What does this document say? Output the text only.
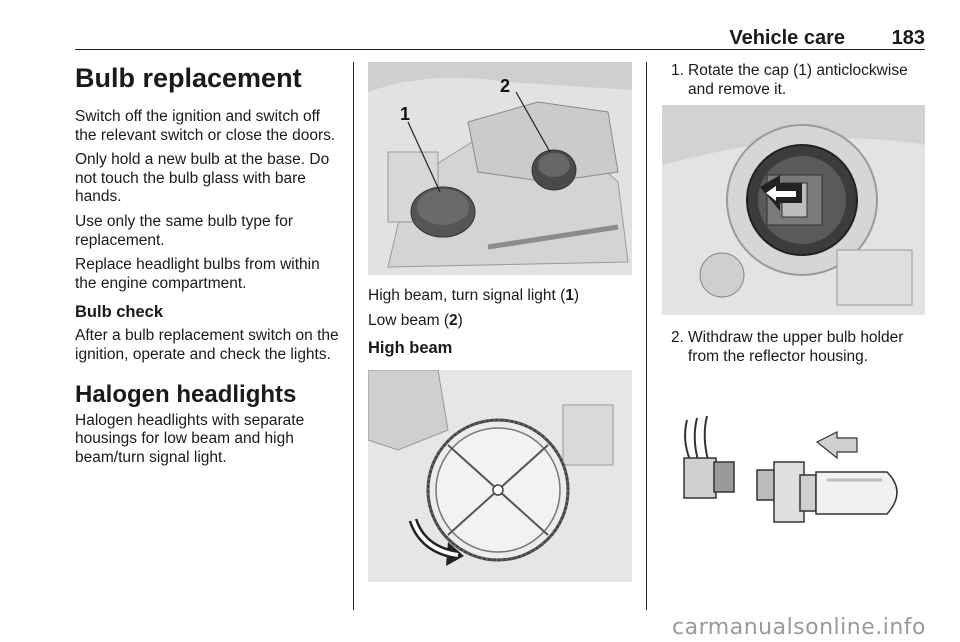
Vehicle care 183
Bulb replacement

Switch off the ignition and switch off the relevant switch or close the doors.

Only hold a new bulb at the base. Do not touch the bulb glass with bare hands.

Use only the same bulb type for replacement.

Replace headlight bulbs from within the engine compartment.

Bulb check

After a bulb replacement switch on the ignition, operate and check the lights.

Halogen headlights

Halogen headlights with separate housings for low beam and high beam/turn signal light.

1
2

High beam, turn signal light (1)

Low beam (2)

High beam
1. Rotate the cap (1) anticlockwise and remove it.
2. Withdraw the upper bulb holder from the reflector housing.
carmanualsonline.info
